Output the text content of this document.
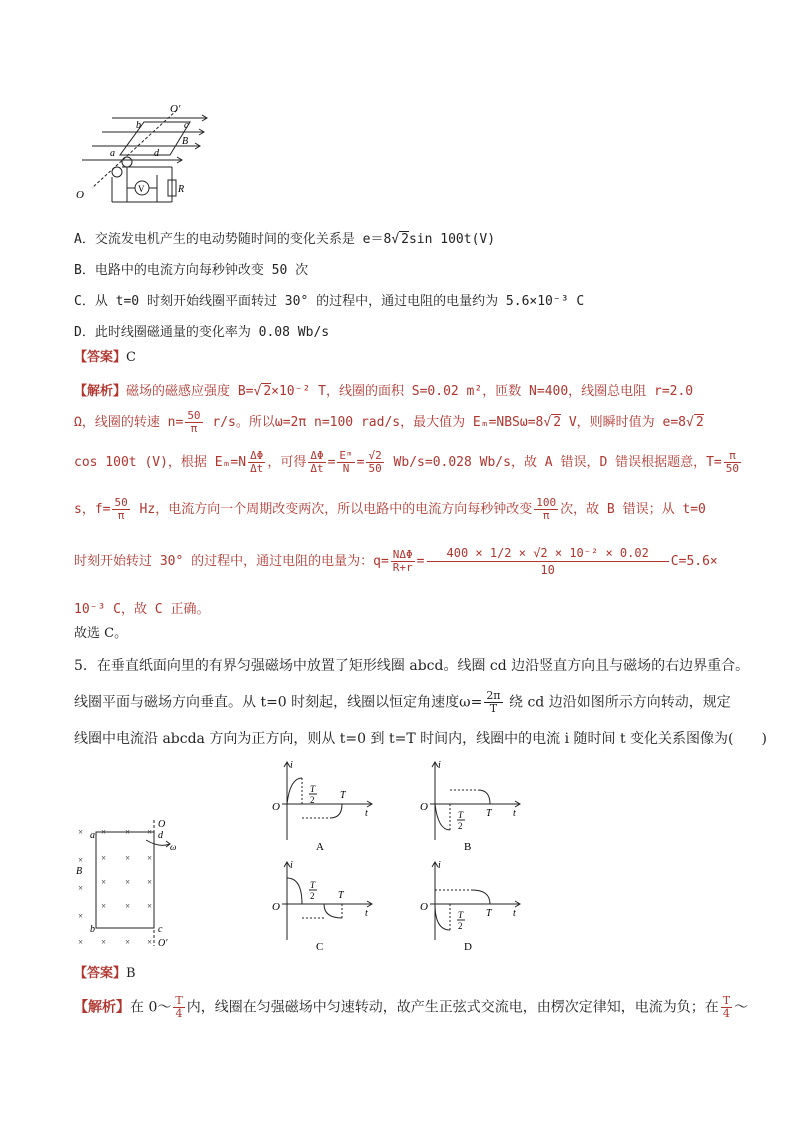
O′
b	c
B
a	d
O	V	R
A．交流发电机产生的电动势随时间的变化关系是 e＝8√ 2sin 100t(V)
B．电路中的电流方向每秒钟改变 50 次
C．从 t=0 时刻开始线圈平面转过 30° 的过程中，通过电阻的电量约为 5.6×10⁻³ C
D．此时线圈磁通量的变化率为 0.08 Wb/s
【答案】C
【解析】磁场的磁感应强度 B=√ 2×10⁻² T，线圈的面积 S=0.02 m²，匝数 N=400，线圈总电阻 r=2.0
Ω，线圈的转速 $n= \frac{50}{\pi} r/s$。所以ω=2π n=100 rad/s，最大值为 Eₘ=NBSω=8√ 2 V，则瞬时值为 e=8√ 2
cos 100t (V)，根据 $E_m=N \frac{\Delta\Phi}{\Delta t}$ ，可得 $\frac{\Delta\Phi}{\Delta t} = \frac{\text{Eᵐ}}{N} = \frac{√2}{50} Wb/s=0.028$ Wb/s，故 A 错误，D 错误根据题意，$T= \frac{\pi}{50}$
s，$f= \frac{50}{\pi}$ Hz，电流方向一个周期改变两次，所以电路中的电流方向每秒钟改变 $\frac{100}{\pi}$ 次，故 B 错误；从 t=0
时刻开始转过 30° 的过程中，通过电阻的电量为：$q= \frac{\text{NΔΦ}}{R+r} = \frac{\text{400 × 1/2 × √2 × 10⁻² × 0.02}}{10} C=5.6\times$
10⁻³ C，故 C 正确。
故选 C。
5．在垂直纸面向里的有界匀强磁场中放置了矩形线圈 abcd。线圈 cd 边沿竖直方向且与磁场的右边界重合。
线圈平面与磁场方向垂直。从 t=0 时刻起，线圈以恒定角速度$\omega= \frac{2\pi}{T}$ 绕 cd 边沿如图所示方向转动，规定
线圈中电流沿 abcda 方向为正方向，则从 t=0 到 t=T 时间内，线圈中的电流 i 随时间 t 变化关系图像为(　　)
×
×
×
×
×
× × ×
× × ×
× × ×
× × ×
× × ×
O
a	d
ω
B
b	c
O′
i
O
T
2	T
t
A
i
O
T
2
T t
B
i
O
T
2 T
t
C
i
O
T
2
T t
D
【答案】B
【解析】在 0～ $\frac{T}{4}$ 内，线圈在匀强磁场中匀速转动，故产生正弦式交流电，由楞次定律知，电流为负；在 $\frac{T}{4}$ ～
